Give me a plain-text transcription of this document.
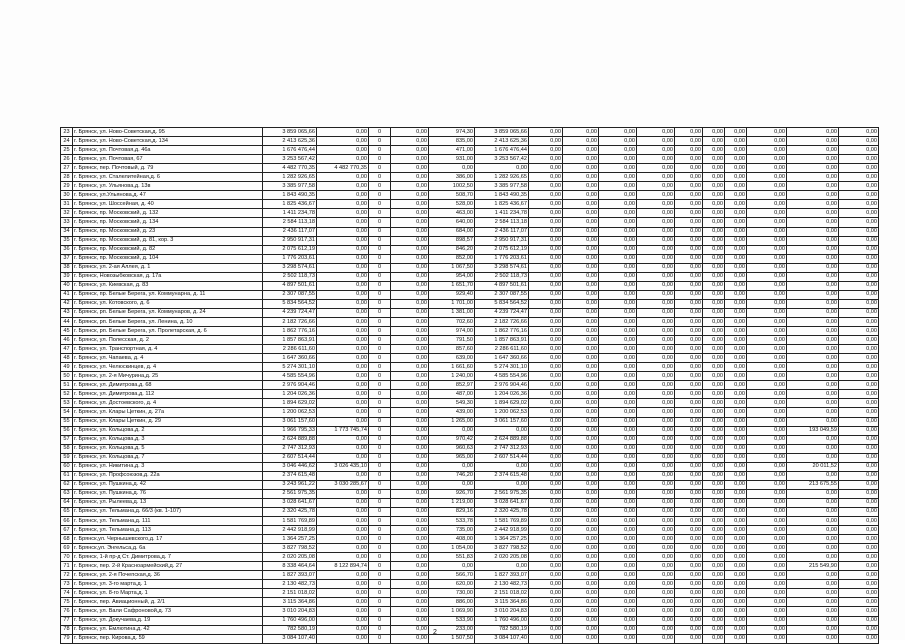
23	г. Брянск, ул. Ново-Советская,д. 95	3 859 065,66	0,00	0	0,00	974,30	3 859 065,66	0,00	0,00	0,00	0,00	0,00	0,00	0,00	0,00	0,00	0,00
24	г. Брянск, ул. Ново-Советская,д. 134	2 413 625,36	0,00	0	0,00	835,00	2 413 625,36	0,00	0,00	0,00	0,00	0,00	0,00	0,00	0,00	0,00	0,00
25	г. Брянск, ул. Почтовая,д. 46а	1 676 476,44	0,00	0	0,00	471,00	1 676 476,44	0,00	0,00	0,00	0,00	0,00	0,00	0,00	0,00	0,00	0,00
26	г. Брянск, ул. Почтовая, 67	3 253 567,42	0,00	0	0,00	931,00	3 253 567,42	0,00	0,00	0,00	0,00	0,00	0,00	0,00	0,00	0,00	0,00
27	г. Брянск, пер. Почтовый, д. 79	4 482 770,35	4 482 770,35	0	0,00	0,00	0,00	0,00	0,00	0,00	0,00	0,00	0,00	0,00	0,00	0,00	0,00
28	г. Брянск, ул. Сталелитейная,д. 6	1 282 926,65	0,00	0	0,00	386,00	1 282 926,65	0,00	0,00	0,00	0,00	0,00	0,00	0,00	0,00	0,00	0,00
29	г. Брянск, ул. Ульянова,д. 13в	3 385 977,58	0,00	0	0,00	1002,50	3 385 977,58	0,00	0,00	0,00	0,00	0,00	0,00	0,00	0,00	0,00	0,00
30	г. Брянск, ул.Ульянова,д. 47	1 843 490,35	0,00	0	0,00	508,70	1 843 490,35	0,00	0,00	0,00	0,00	0,00	0,00	0,00	0,00	0,00	0,00
31	г. Брянск, ул. Шоссейная, д. 40	1 825 436,67	0,00	0	0,00	528,00	1 825 436,67	0,00	0,00	0,00	0,00	0,00	0,00	0,00	0,00	0,00	0,00
32	г. Брянск, пр. Московский, д. 132	1 411 234,78	0,00	0	0,00	463,00	1 411 234,78	0,00	0,00	0,00	0,00	0,00	0,00	0,00	0,00	0,00	0,00
33	г. Брянск, пр. Московский, д. 134	2 584 113,18	0,00	0	0,00	640,00	2 584 113,18	0,00	0,00	0,00	0,00	0,00	0,00	0,00	0,00	0,00	0,00
34	г. Брянск, пр. Московский, д. 23	2 436 117,07	0,00	0	0,00	684,00	2 436 117,07	0,00	0,00	0,00	0,00	0,00	0,00	0,00	0,00	0,00	0,00
35	г. Брянск, пр. Московский, д. 81, кор. 3	2 950 917,31	0,00	0	0,00	898,57	2 950 917,31	0,00	0,00	0,00	0,00	0,00	0,00	0,00	0,00	0,00	0,00
36	г. Брянск, пр. Московский, д. 82	2 075 612,19	0,00	0	0,00	846,20	2 075 612,19	0,00	0,00	0,00	0,00	0,00	0,00	0,00	0,00	0,00	0,00
37	г. Брянск, пр. Московский, д. 104	1 776 203,61	0,00	0	0,00	852,00	1 776 203,61	0,00	0,00	0,00	0,00	0,00	0,00	0,00	0,00	0,00	0,00
38	г. Брянск, ул. 2-ая Аллея, д. 1	3 298 574,61	0,00	0	0,00	1 067,50	3 298 574,61	0,00	0,00	0,00	0,00	0,00	0,00	0,00	0,00	0,00	0,00
39	г. Брянск, Новозыбковская, д. 17а	2 502 118,73	0,00	0	0,00	954,00	2 502 118,73	0,00	0,00	0,00	0,00	0,00	0,00	0,00	0,00	0,00	0,00
40	г. Брянск, ул. Киевская, д. 83	4 897 501,61	0,00	0	0,00	1 651,70	4 897 501,61	0,00	0,00	0,00	0,00	0,00	0,00	0,00	0,00	0,00	0,00
41	г. Брянск, пр. Белые Берега, ул. Коммунарна, д. 11	2 307 087,55	0,00	0	0,00	929,40	2 307 087,55	0,00	0,00	0,00	0,00	0,00	0,00	0,00	0,00	0,00	0,00
42	г. Брянск, ул. Котовского, д. 6	5 834 564,52	0,00	0	0,00	1 701,00	5 834 564,52	0,00	0,00	0,00	0,00	0,00	0,00	0,00	0,00	0,00	0,00
43	г. Брянск, рп. Белые Берега, ул. Коммунаров, д. 24	4 239 724,47	0,00	0	0,00	1 381,00	4 239 724,47	0,00	0,00	0,00	0,00	0,00	0,00	0,00	0,00	0,00	0,00
44	г. Брянск, рп. Белые Берега, ул. Ленина, д. 10	2 182 726,66	0,00	0	0,00	702,60	2 182 726,66	0,00	0,00	0,00	0,00	0,00	0,00	0,00	0,00	0,00	0,00
45	г. Брянск, рп. Белые Берега, ул. Пролетарская, д. 6	1 862 776,16	0,00	0	0,00	974,00	1 862 776,16	0,00	0,00	0,00	0,00	0,00	0,00	0,00	0,00	0,00	0,00
46	г. Брянск, ул. Полесская, д. 2	1 857 863,91	0,00	0	0,00	791,50	1 857 863,91	0,00	0,00	0,00	0,00	0,00	0,00	0,00	0,00	0,00	0,00
47	г. Брянск, ул. Транспортная, д. 4	2 286 611,60	0,00	0	0,00	857,60	2 286 611,60	0,00	0,00	0,00	0,00	0,00	0,00	0,00	0,00	0,00	0,00
48	г. Брянск, ул. Чапаева, д. 4	1 647 360,66	0,00	0	0,00	639,00	1 647 360,66	0,00	0,00	0,00	0,00	0,00	0,00	0,00	0,00	0,00	0,00
49	г. Брянск, ул. Челюскинцев, д. 4	5 274 301,10	0,00	0	0,00	1 661,60	5 274 301,10	0,00	0,00	0,00	0,00	0,00	0,00	0,00	0,00	0,00	0,00
50	г. Брянск, ул. 2-я Мичурина,д. 25	4 585 554,96	0,00	0	0,00	1 240,00	4 585 554,96	0,00	0,00	0,00	0,00	0,00	0,00	0,00	0,00	0,00	0,00
51	г. Брянск, ул. Димитрова,д. 68	2 976 904,46	0,00	0	0,00	852,97	2 976 904,46	0,00	0,00	0,00	0,00	0,00	0,00	0,00	0,00	0,00	0,00
52	г. Брянск, ул. Димитрова,д. 112	1 204 026,36	0,00	0	0,00	487,00	1 204 026,36	0,00	0,00	0,00	0,00	0,00	0,00	0,00	0,00	0,00	0,00
53	г. Брянск, ул. Достоевского, д. 4	1 894 629,02	0,00	0	0,00	549,30	1 894 629,02	0,00	0,00	0,00	0,00	0,00	0,00	0,00	0,00	0,00	0,00
54	г. Брянск, ул. Клары Цеткин, д. 27а	1 200 062,53	0,00	0	0,00	439,00	1 200 062,53	0,00	0,00	0,00	0,00	0,00	0,00	0,00	0,00	0,00	0,00
55	г. Брянск, ул. Клары Цеткин, д. 29	3 061 157,60	0,00	0	0,00	1 265,00	3 061 157,60	0,00	0,00	0,00	0,00	0,00	0,00	0,00	0,00	0,00	0,00
56	г. Брянск, ул. Кольцова,д. 2	1 966 795,33	1 773 745,74	0	0,00	0,00	0,00	0,00	0,00	0,00	0,00	0,00	0,00	0,00	0,00	193 049,59	0,00
57	г. Брянск, ул. Кольцова,д. 3	2 624 889,88	0,00	0	0,00	970,42	2 624 889,88	0,00	0,00	0,00	0,00	0,00	0,00	0,00	0,00	0,00	0,00
58	г. Брянск, ул. Кольцова,д. 5	2 747 312,93	0,00	0	0,00	960,63	2 747 312,93	0,00	0,00	0,00	0,00	0,00	0,00	0,00	0,00	0,00	0,00
59	г. Брянск, ул. Кольцова,д. 7	2 607 514,44	0,00	0	0,00	965,00	2 607 514,44	0,00	0,00	0,00	0,00	0,00	0,00	0,00	0,00	0,00	0,00
60	г. Брянск, ул. Никитина,д. 3	3 046 446,62	3 026 435,10	0	0,00	0,00	0,00	0,00	0,00	0,00	0,00	0,00	0,00	0,00	0,00	20 011,52	0,00
61	г. Брянск, ул. Профсоюзов,д. 22а	2 374 615,48	0,00	0	0,00	746,20	2 374 615,48	0,00	0,00	0,00	0,00	0,00	0,00	0,00	0,00	0,00	0,00
62	г. Брянск, ул. Пушкина,д. 42	3 243 961,22	3 030 285,67	0	0,00	0,00	0,00	0,00	0,00	0,00	0,00	0,00	0,00	0,00	0,00	213 675,55	0,00
63	г. Брянск, ул. Пушкина,д. 76	2 561 975,35	0,00	0	0,00	926,70	2 561 975,35	0,00	0,00	0,00	0,00	0,00	0,00	0,00	0,00	0,00	0,00
64	г. Брянск, ул. Рылеева,д. 13	3 028 641,67	0,00	0	0,00	1 219,00	3 028 641,67	0,00	0,00	0,00	0,00	0,00	0,00	0,00	0,00	0,00	0,00
65	г. Брянск, ул. Тельмана,д. 66/3 (кв. 1-107)	2 320 425,78	0,00	0	0,00	829,16	2 320 425,78	0,00	0,00	0,00	0,00	0,00	0,00	0,00	0,00	0,00	0,00
66	г. Брянск, ул. Тельмана,д. 111	1 581 769,89	0,00	0	0,00	533,78	1 581 769,89	0,00	0,00	0,00	0,00	0,00	0,00	0,00	0,00	0,00	0,00
67	г. Брянск, ул. Тельмана,д. 113	2 442 918,99	0,00	0	0,00	735,00	2 442 918,99	0,00	0,00	0,00	0,00	0,00	0,00	0,00	0,00	0,00	0,00
68	г. Брянск,ул. Чернышевского,д. 17	1 364 257,25	0,00	0	0,00	408,00	1 364 257,25	0,00	0,00	0,00	0,00	0,00	0,00	0,00	0,00	0,00	0,00
69	г. Брянск,ул. Энгельса,д. 6а	3 827 798,52	0,00	0	0,00	1 054,00	3 827 798,52	0,00	0,00	0,00	0,00	0,00	0,00	0,00	0,00	0,00	0,00
70	г. Брянск, 1-й пр-д Ст. Димитрова,д. 7	2 020 205,08	0,00	0	0,00	551,83	2 020 205,08	0,00	0,00	0,00	0,00	0,00	0,00	0,00	0,00	0,00	0,00
71	г. Брянск, пер. 2-й Красноармейский,д. 27	8 338 464,64	8 122 894,74	0	0,00	0,00	0,00	0,00	0,00	0,00	0,00	0,00	0,00	0,00	0,00	215 549,90	0,00
72	г. Брянск, ул. 2-я Почепская,д. 36	1 827 393,07	0,00	0	0,00	566,70	1 827 393,07	0,00	0,00	0,00	0,00	0,00	0,00	0,00	0,00	0,00	0,00
73	г. Брянск, ул. 3-го марта,д. 1	2 130 482,73	0,00	0	0,00	620,00	2 130 482,73	0,00	0,00	0,00	0,00	0,00	0,00	0,00	0,00	0,00	0,00
74	г. Брянск, ул. 8-го Марта,д. 1	2 151 018,02	0,00	0	0,00	730,00	2 151 018,02	0,00	0,00	0,00	0,00	0,00	0,00	0,00	0,00	0,00	0,00
75	г. Брянск, пер. Авиационный, д. 2/1	3 115 364,86	0,00	0	0,00	886,00	3 115 364,86	0,00	0,00	0,00	0,00	0,00	0,00	0,00	0,00	0,00	0,00
76	г. Брянск, ул. Вали Сафроновой,д. 73	3 010 204,83	0,00	0	0,00	1 069,90	3 010 204,83	0,00	0,00	0,00	0,00	0,00	0,00	0,00	0,00	0,00	0,00
77	г. Брянск, ул. Докучаева,д. 19	1 760 496,00	0,00	0	0,00	533,90	1 760 496,00	0,00	0,00	0,00	0,00	0,00	0,00	0,00	0,00	0,00	0,00
78	г. Брянск, ул. Емлютина,д. 42	782 580,19	0,00	0	0,00	233,00	782 580,19	0,00	0,00	0,00	0,00	0,00	0,00	0,00	0,00	0,00	0,00
79	г. Брянск, пер. Кирова,д. 59	3 084 107,40	0,00	0	0,00	1 507,50	3 084 107,40	0,00	0,00	0,00	0,00	0,00	0,00	0,00	0,00	0,00	0,00
2
